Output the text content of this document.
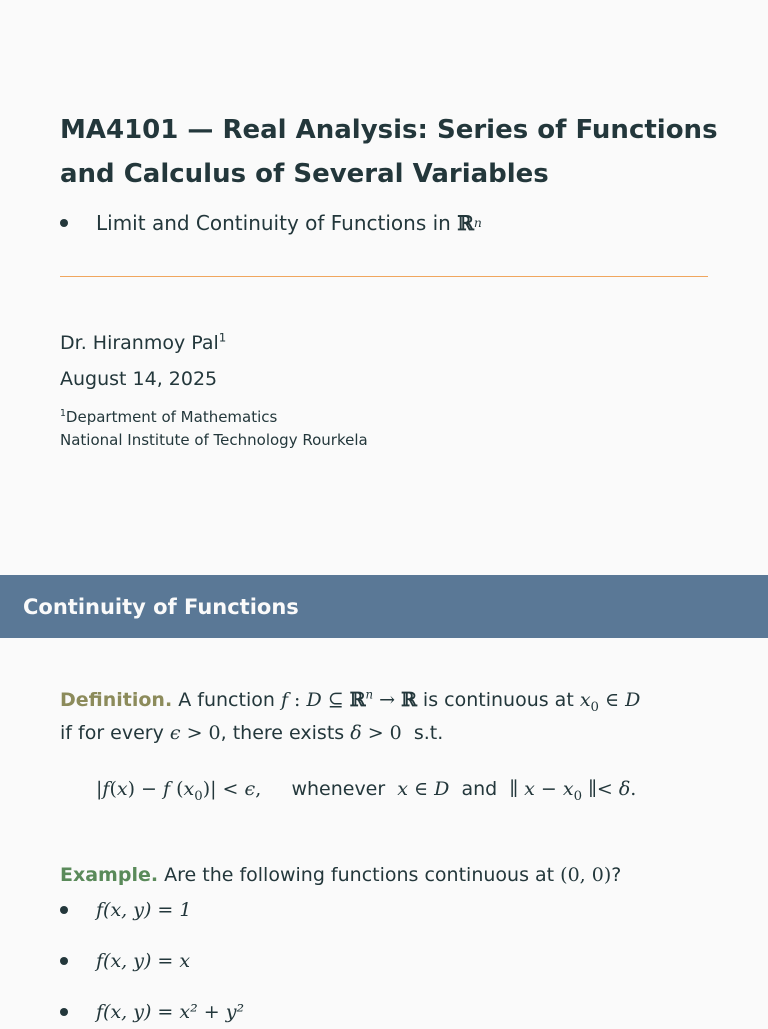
MA4101 — Real Analysis: Series of Functions and Calculus of Several Variables
Limit and Continuity of Functions in
ℝ n
Dr. Hiranmoy Pal$^1$
August 14, 2025
$^1$Department of Mathematics
National Institute of Technology Rourkela
Continuity of Functions
Definition. A function f : D ⊆ ℝ$^n$ → ℝ is continuous at $x_0$ ∈ D
if for every ϵ > 0, there exists δ > 0 s.t.
|f(x) − f $(x_0)| < \epsilon$, whenever x ∈ D and ∥ $x - x_0$ ∥< δ.
Example. Are the following functions continuous at (0, 0)?
f(x, y) = 1
f(x, y) = x
f(x, y) = x² + y²
